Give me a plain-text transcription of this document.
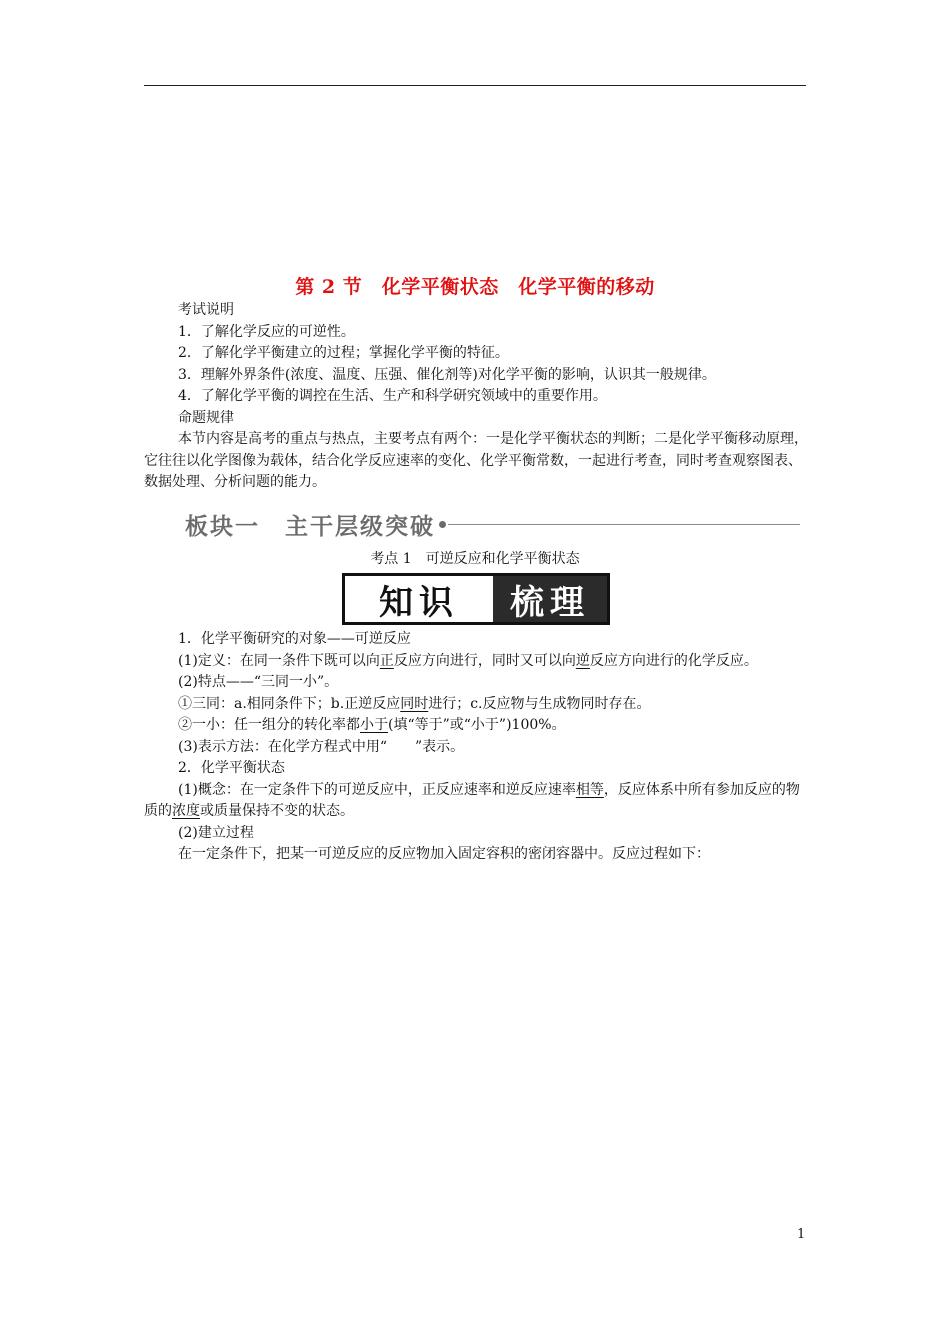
第 2 节　化学平衡状态　化学平衡的移动

考试说明

1．了解化学反应的可逆性。

2．了解化学平衡建立的过程；掌握化学平衡的特征。

3．理解外界条件(浓度、温度、压强、催化剂等)对化学平衡的影响，认识其一般规律。

4．了解化学平衡的调控在生活、生产和科学研究领域中的重要作用。

命题规律

本节内容是高考的重点与热点，主要考点有两个：一是化学平衡状态的判断；二是化学平衡移动原理，它往往以化学图像为载体，结合化学反应速率的变化、化学平衡常数，一起进行考查，同时考查观察图表、数据处理、分析问题的能力。

板块一　主干层级突破
考点 1　可逆反应和化学平衡状态
知识	梳理

1．化学平衡研究的对象——可逆反应

(1)定义：在同一条件下既可以向正反应方向进行，同时又可以向逆反应方向进行的化学反应。

(2)特点——“三同一小”。

①三同：a.相同条件下；b.正逆反应同时进行；c.反应物与生成物同时存在。

②一小：任一组分的转化率都小于(填“等于”或“小于”)100%。

(3)表示方法：在化学方程式中用“　　”表示。

2．化学平衡状态

(1)概念：在一定条件下的可逆反应中，正反应速率和逆反应速率相等，反应体系中所有参加反应的物质的浓度或质量保持不变的状态。

(2)建立过程

在一定条件下，把某一可逆反应的反应物加入固定容积的密闭容器中。反应过程如下：

1
